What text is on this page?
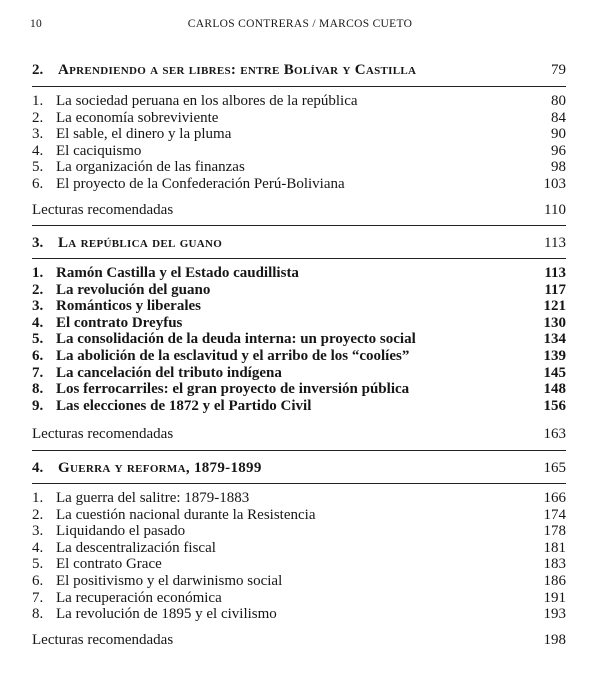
10	CARLOS CONTRERAS / MARCOS CUETO
2. Aprendiendo a ser libres: entre Bolívar y Castilla	79
1. La sociedad peruana en los albores de la república	80
2. La economía sobreviviente	84
3. El sable, el dinero y la pluma	90
4. El caciquismo	96
5. La organización de las finanzas	98
6. El proyecto de la Confederación Perú-Boliviana	103
Lecturas recomendadas	110
3. La república del guano	113
1. Ramón Castilla y el Estado caudillista	113
2. La revolución del guano	117
3. Románticos y liberales	121
4. El contrato Dreyfus	130
5. La consolidación de la deuda interna: un proyecto social	134
6. La abolición de la esclavitud y el arribo de los “coolíes”	139
7. La cancelación del tributo indígena	145
8. Los ferrocarriles: el gran proyecto de inversión pública	148
9. Las elecciones de 1872 y el Partido Civil	156
Lecturas recomendadas	163
4. Guerra y reforma, 1879-1899	165
1. La guerra del salitre: 1879-1883	166
2. La cuestión nacional durante la Resistencia	174
3. Liquidando el pasado	178
4. La descentralización fiscal	181
5. El contrato Grace	183
6. El positivismo y el darwinismo social	186
7. La recuperación económica	191
8. La revolución de 1895 y el civilismo	193
Lecturas recomendadas	198
